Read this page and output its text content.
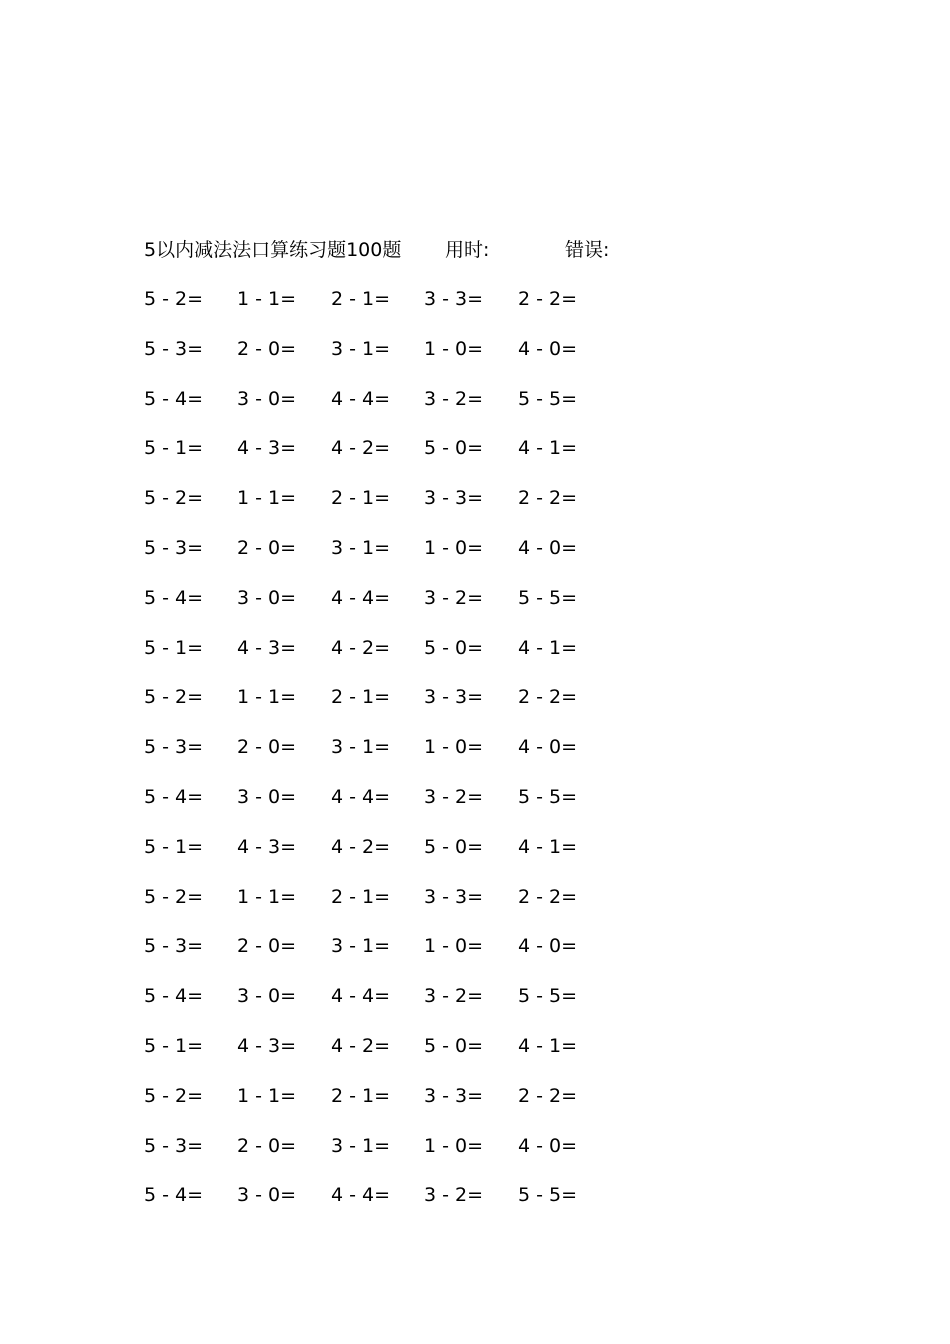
5以内减法法口算练习题100题 用时:	错误:
5 - 2= 1 - 1= 2 - 1= 3 - 3= 2 - 2=
5 - 3= 2 - 0= 3 - 1= 1 - 0= 4 - 0=
5 - 4= 3 - 0= 4 - 4= 3 - 2= 5 - 5=
5 - 1= 4 - 3= 4 - 2= 5 - 0= 4 - 1=
5 - 2= 1 - 1= 2 - 1= 3 - 3= 2 - 2=
5 - 3= 2 - 0= 3 - 1= 1 - 0= 4 - 0=
5 - 4= 3 - 0= 4 - 4= 3 - 2= 5 - 5=
5 - 1= 4 - 3= 4 - 2= 5 - 0= 4 - 1=
5 - 2= 1 - 1= 2 - 1= 3 - 3= 2 - 2=
5 - 3= 2 - 0= 3 - 1= 1 - 0= 4 - 0=
5 - 4= 3 - 0= 4 - 4= 3 - 2= 5 - 5=
5 - 1= 4 - 3= 4 - 2= 5 - 0= 4 - 1=
5 - 2= 1 - 1= 2 - 1= 3 - 3= 2 - 2=
5 - 3= 2 - 0= 3 - 1= 1 - 0= 4 - 0=
5 - 4= 3 - 0= 4 - 4= 3 - 2= 5 - 5=
5 - 1= 4 - 3= 4 - 2= 5 - 0= 4 - 1=
5 - 2= 1 - 1= 2 - 1= 3 - 3= 2 - 2=
5 - 3= 2 - 0= 3 - 1= 1 - 0= 4 - 0=
5 - 4= 3 - 0= 4 - 4= 3 - 2= 5 - 5=
